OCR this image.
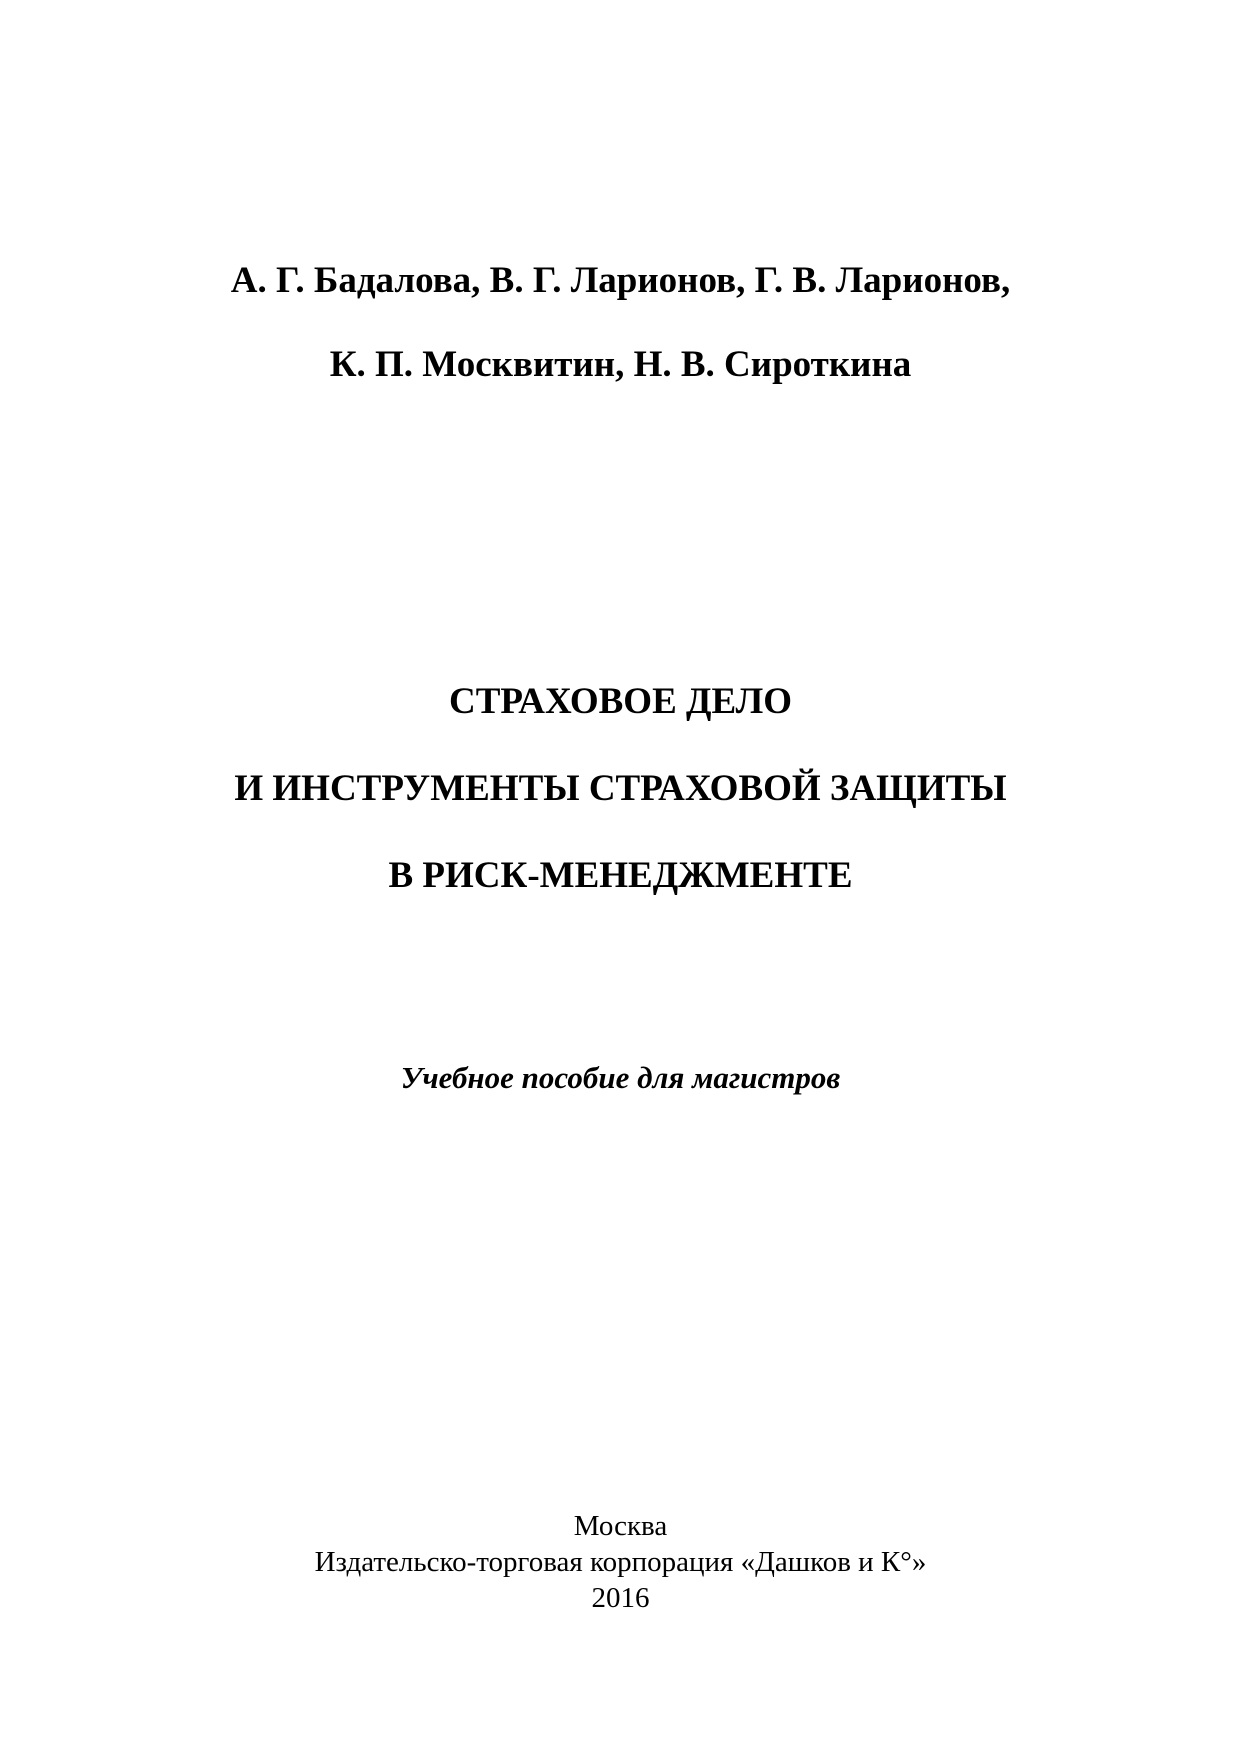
А. Г. Бадалова, В. Г. Ларионов, Г. В. Ларионов,
К. П. Москвитин, Н. В. Сироткина
СТРАХОВОЕ ДЕЛО
И ИНСТРУМЕНТЫ СТРАХОВОЙ ЗАЩИТЫ
В РИСК-МЕНЕДЖМЕНТЕ
Учебное пособие для магистров
Москва
Издательско-торговая корпорация «Дашков и К°»
2016
